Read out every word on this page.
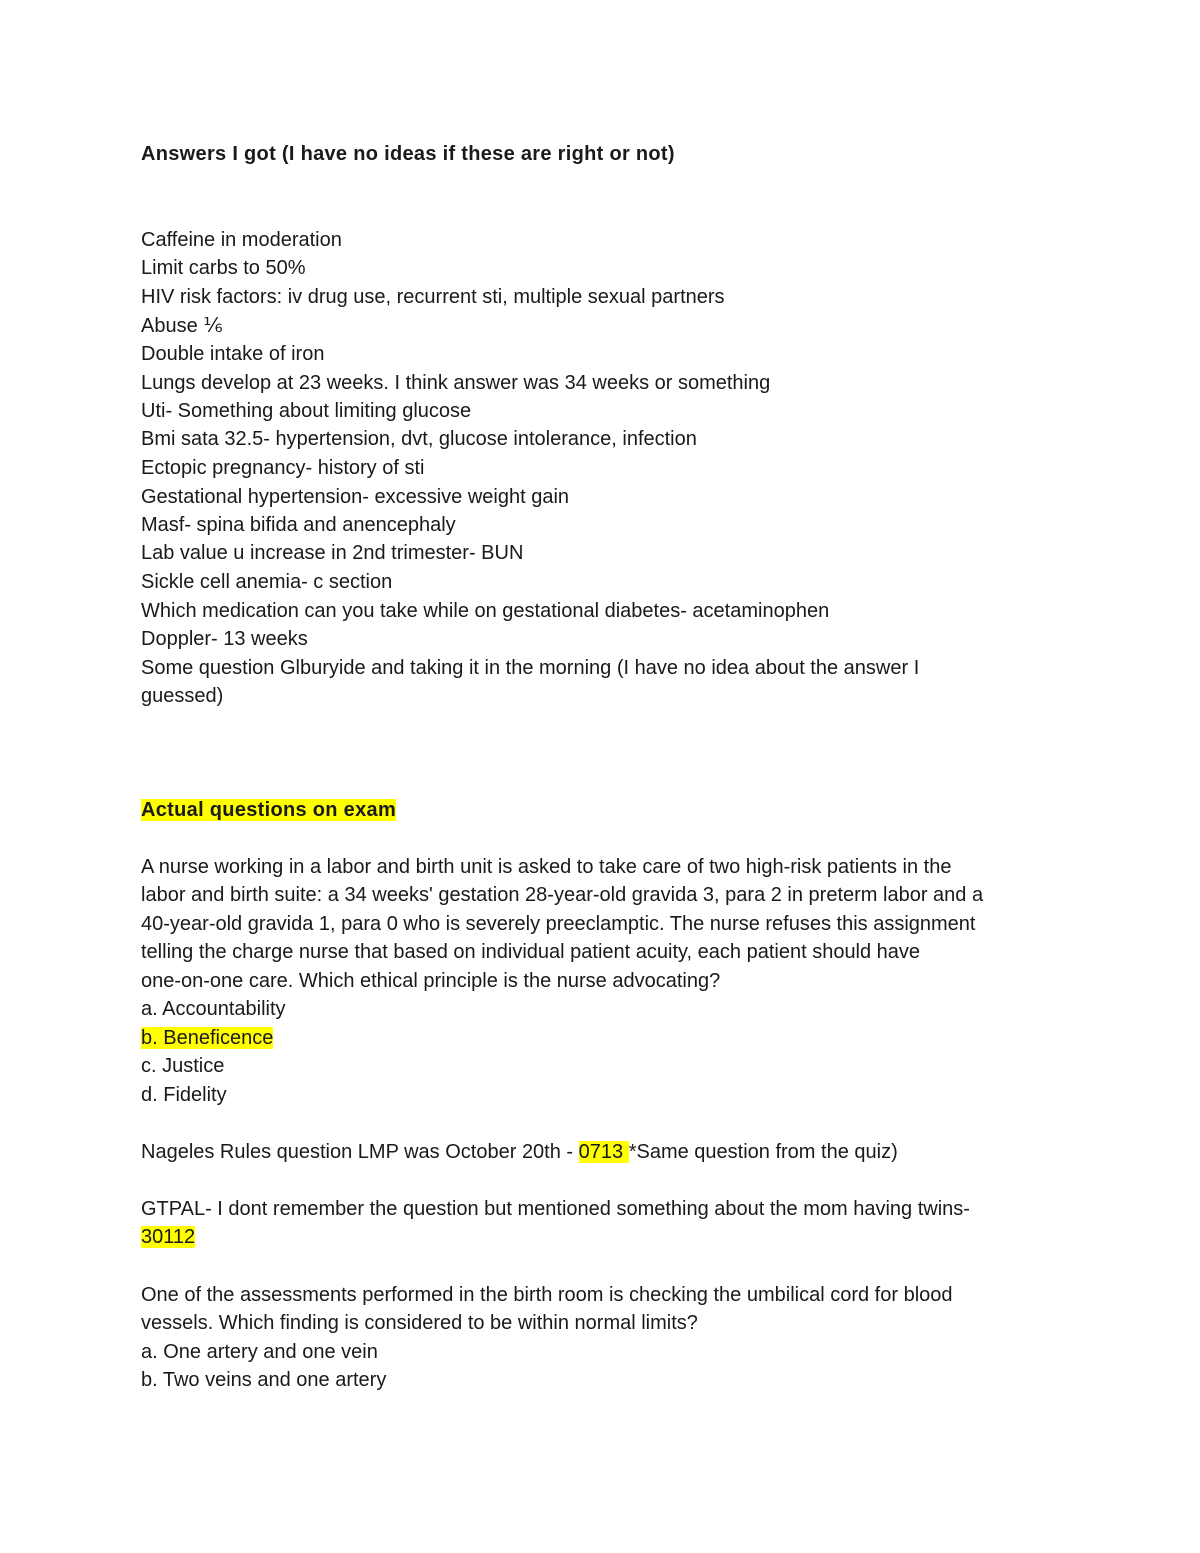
Answers I got (I have no ideas if these are right or not)

Caffeine in moderation

Limit carbs to 50%

HIV risk factors: iv drug use, recurrent sti, multiple sexual partners

Abuse ⅙

Double intake of iron

Lungs develop at 23 weeks. I think answer was 34 weeks or something

Uti- Something about limiting glucose

Bmi sata 32.5- hypertension, dvt, glucose intolerance, infection

Ectopic pregnancy- history of sti

Gestational hypertension- excessive weight gain

Masf- spina bifida and anencephaly

Lab value u increase in 2nd trimester- BUN

Sickle cell anemia- c section

Which medication can you take while on gestational diabetes- acetaminophen

Doppler- 13 weeks

Some question Glburyide and taking it in the morning (I have no idea about the answer I

guessed)

Actual questions on exam

A nurse working in a labor and birth unit is asked to take care of two high-risk patients in the

labor and birth suite: a 34 weeks' gestation 28-year-old gravida 3, para 2 in preterm labor and a

40-year-old gravida 1, para 0 who is severely preeclamptic. The nurse refuses this assignment

telling the charge nurse that based on individual patient acuity, each patient should have

one-on-one care. Which ethical principle is the nurse advocating?

a. Accountability

b. Beneficence

c. Justice

d. Fidelity

Nageles Rules question LMP was October 20th - 0713 *Same question from the quiz)

GTPAL- I dont remember the question but mentioned something about the mom having twins-

30112

One of the assessments performed in the birth room is checking the umbilical cord for blood

vessels. Which finding is considered to be within normal limits?

a. One artery and one vein

b. Two veins and one artery
